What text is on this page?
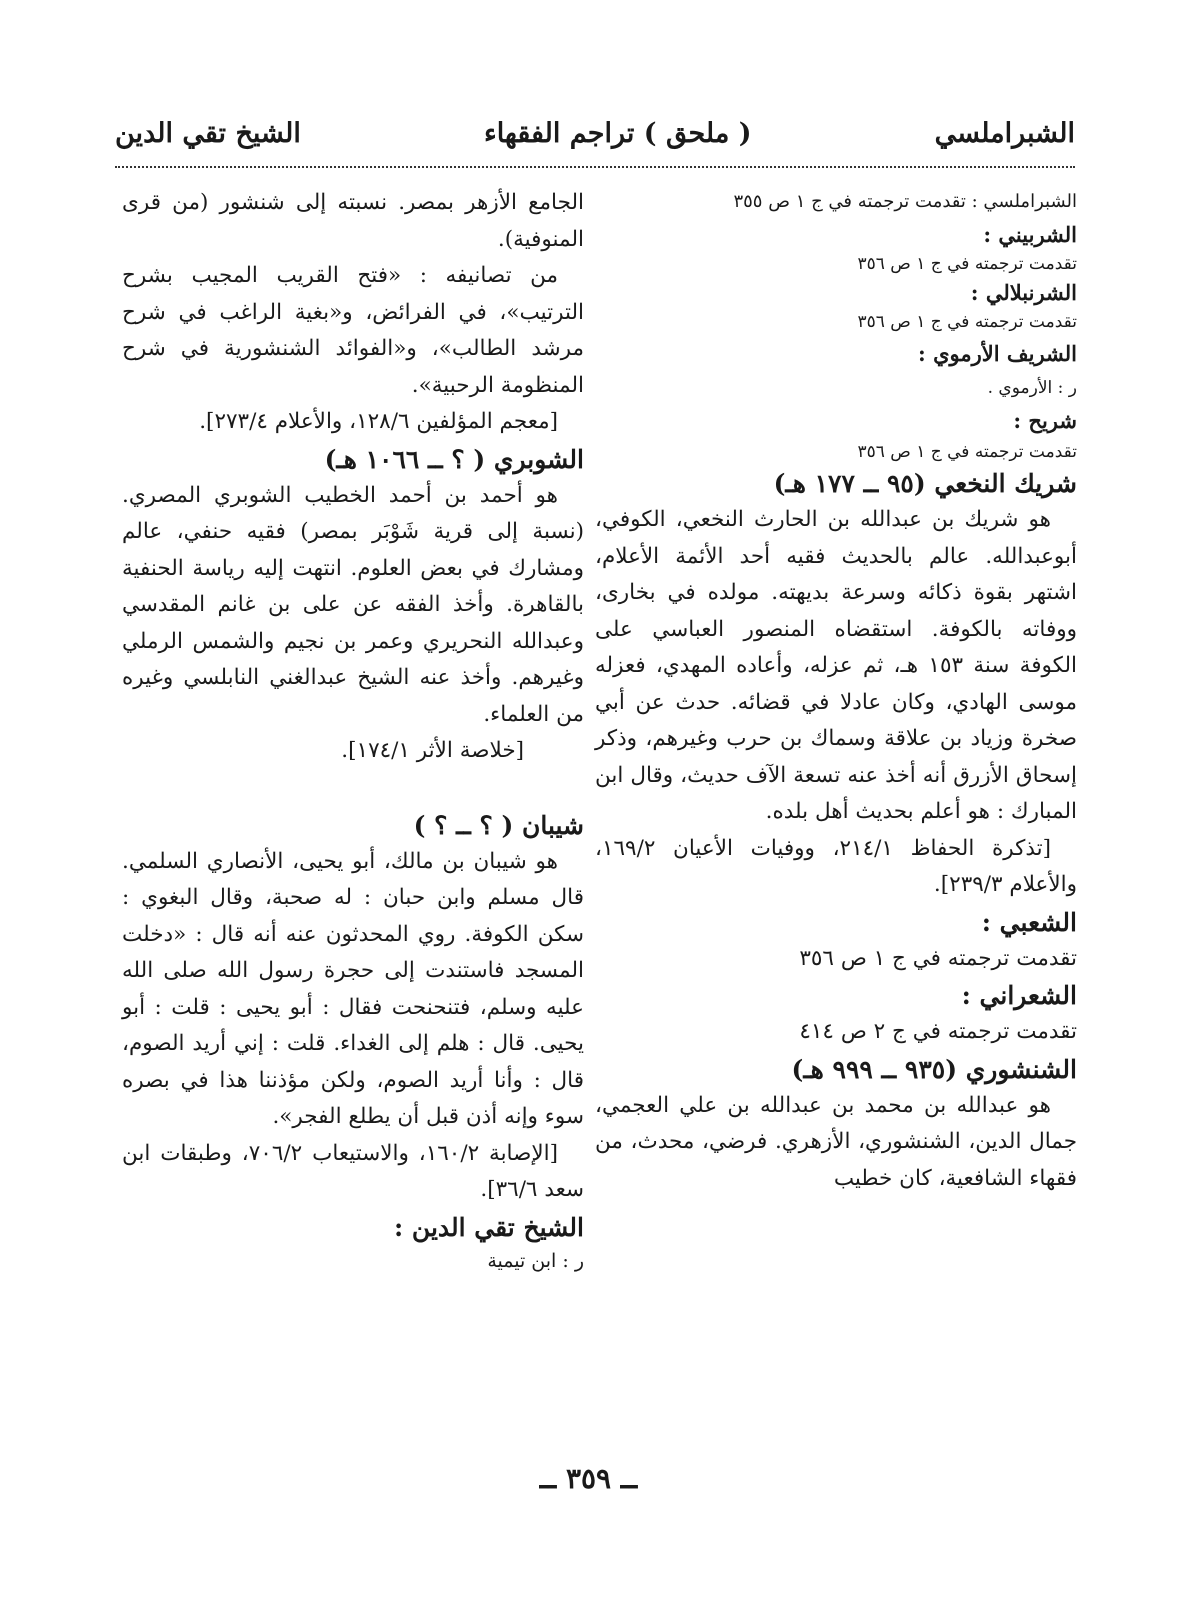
الشبراملسي
( ملحق ) تراجم الفقهاء
الشيخ تقي الدين

الشبراملسي : تقدمت ترجمته في ج ١ ص ٣٥٥

الشربيني :

تقدمت ترجمته في ج ١ ص ٣٥٦

الشرنبلالي :

تقدمت ترجمته في ج ١ ص ٣٥٦

الشريف الأرموي :

ر : الأرموي .

شريح :

تقدمت ترجمته في ج ١ ص ٣٥٦

شريك النخعي (٩٥ ــ ١٧٧ هـ)

هو شريك بن عبدالله بن الحارث النخعي، الكوفي، أبوعبدالله. عالم بالحديث فقيه أحد الأئمة الأعلام، اشتهر بقوة ذكائه وسرعة بديهته. مولده في بخارى، ووفاته بالكوفة. استقضاه المنصور العباسي على الكوفة سنة ١٥٣ هـ، ثم عزله، وأعاده المهدي، فعزله موسى الهادي، وكان عادلا في قضائه. حدث عن أبي صخرة وزياد بن علاقة وسماك بن حرب وغيرهم، وذكر إسحاق الأزرق أنه أخذ عنه تسعة الآف حديث، وقال ابن المبارك : هو أعلم بحديث أهل بلده.

[تذكرة الحفاظ ٢١٤/١، ووفيات الأعيان ١٦٩/٢، والأعلام ٢٣٩/٣].

الشعبي :

تقدمت ترجمته في ج ١ ص ٣٥٦

الشعراني :

تقدمت ترجمته في ج ٢ ص ٤١٤

الشنشوري (٩٣٥ ــ ٩٩٩ هـ)

هو عبدالله بن محمد بن عبدالله بن علي العجمي، جمال الدين، الشنشوري، الأزهري. فرضي، محدث، من فقهاء الشافعية، كان خطيب

الجامع الأزهر بمصر. نسبته إلى شنشور (من قرى المنوفية).

من تصانيفه : «فتح القريب المجيب بشرح الترتيب»، في الفرائض، و«بغية الراغب في شرح مرشد الطالب»، و«الفوائد الشنشورية في شرح المنظومة الرحبية».

[معجم المؤلفين ١٢٨/٦، والأعلام ٢٧٣/٤].

الشوبري ( ؟ ــ ١٠٦٦ هـ)

هو أحمد بن أحمد الخطيب الشوبري المصري. (نسبة إلى قرية شَوْبَر بمصر) فقيه حنفي، عالم ومشارك في بعض العلوم. انتهت إليه رياسة الحنفية بالقاهرة. وأخذ الفقه عن على بن غانم المقدسي وعبدالله النحريري وعمر بن نجيم والشمس الرملي وغيرهم. وأخذ عنه الشيخ عبدالغني النابلسي وغيره من العلماء.

[خلاصة الأثر ١٧٤/١].

شيبان ( ؟ ــ ؟ )

هو شيبان بن مالك، أبو يحيى، الأنصاري السلمي. قال مسلم وابن حبان : له صحبة، وقال البغوي : سكن الكوفة. روي المحدثون عنه أنه قال : «دخلت المسجد فاستندت إلى حجرة رسول الله صلى الله عليه وسلم، فتنحنحت فقال : أبو يحيى : قلت : أبو يحيى. قال : هلم إلى الغداء. قلت : إني أريد الصوم، قال : وأنا أريد الصوم، ولكن مؤذننا هذا في بصره سوء وإنه أذن قبل أن يطلع الفجر».

[الإصابة ١٦٠/٢، والاستيعاب ٧٠٦/٢، وطبقات ابن سعد ٣٦/٦].

الشيخ تقي الدين :

ر : ابن تيمية

ــ ٣٥٩ ــ
